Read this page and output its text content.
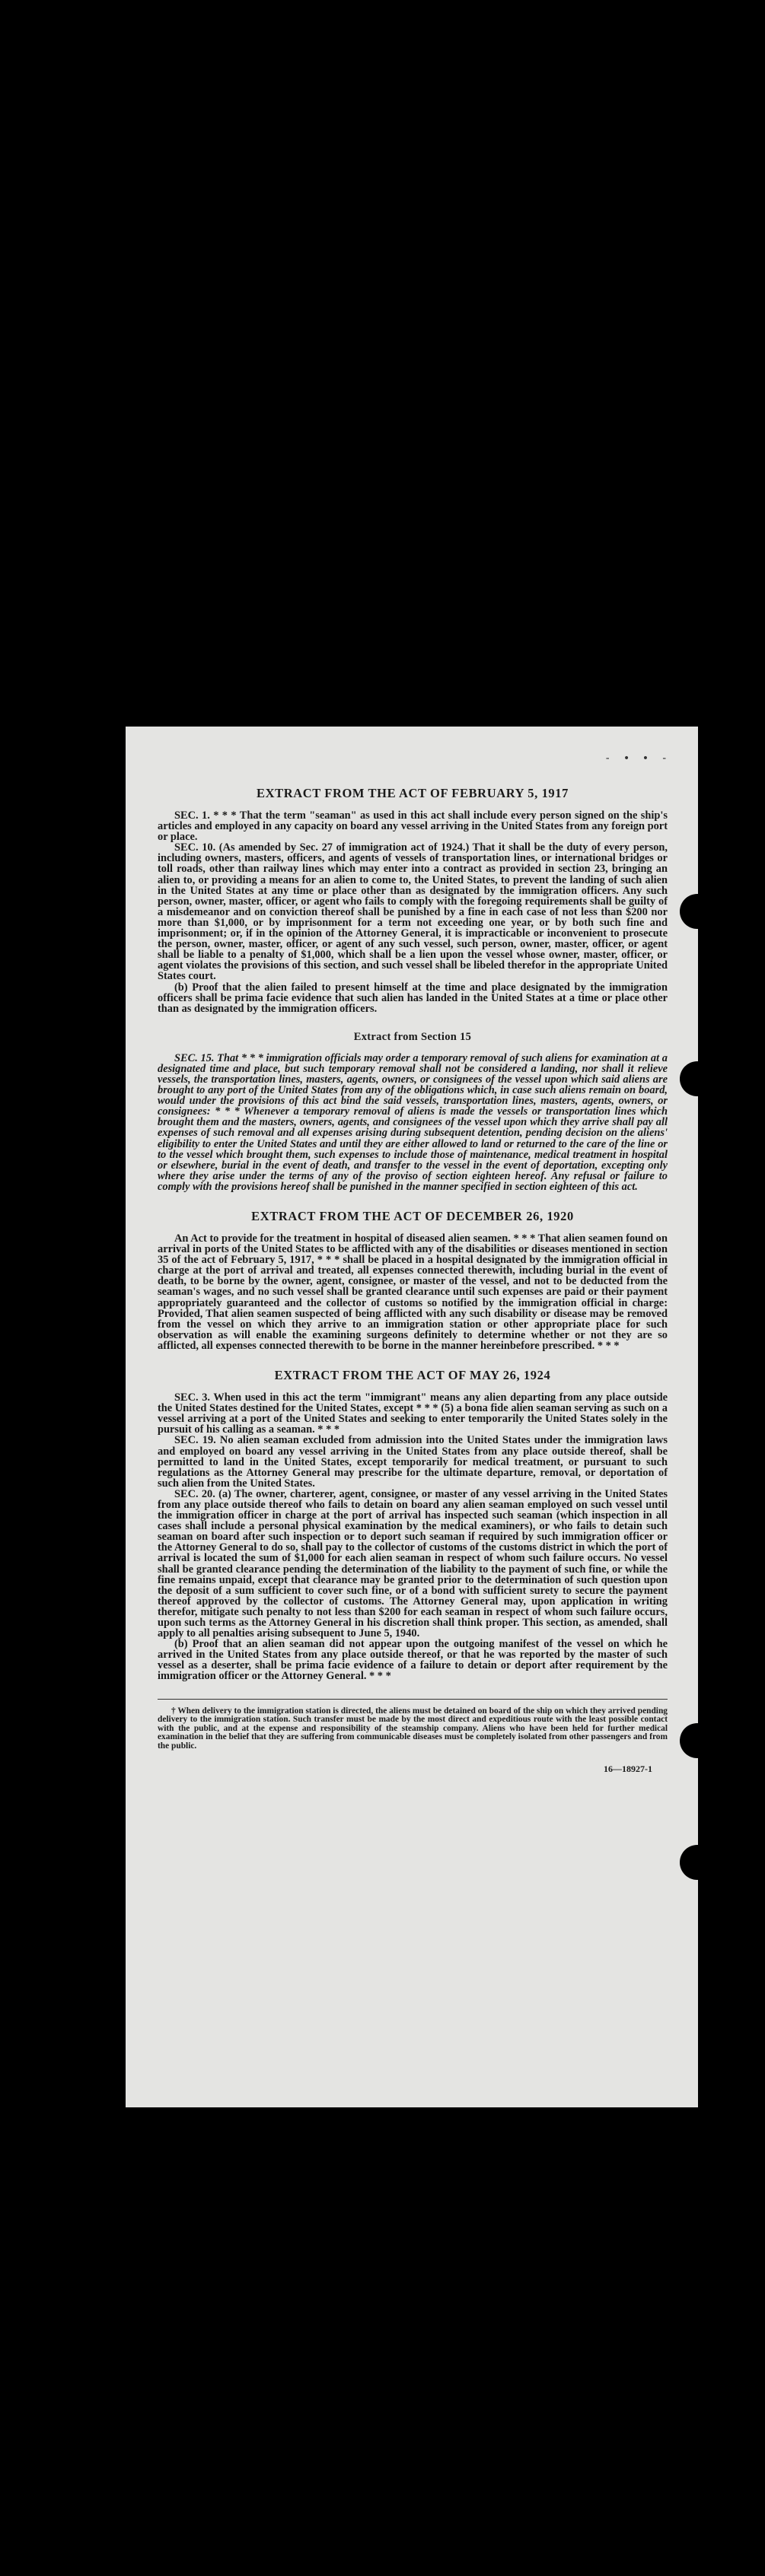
- • • -
EXTRACT FROM THE ACT OF FEBRUARY 5, 1917

SEC. 1. * * * That the term "seaman" as used in this act shall include every person signed on the ship's articles and employed in any capacity on board any vessel arriving in the United States from any foreign port or place.

SEC. 10. (As amended by Sec. 27 of immigration act of 1924.) That it shall be the duty of every person, including owners, masters, officers, and agents of vessels of transportation lines, or international bridges or toll roads, other than railway lines which may enter into a contract as provided in section 23, bringing an alien to, or providing a means for an alien to come to, the United States, to prevent the landing of such alien in the United States at any time or place other than as designated by the immigration officers. Any such person, owner, master, officer, or agent who fails to comply with the foregoing requirements shall be guilty of a misdemeanor and on conviction thereof shall be punished by a fine in each case of not less than $200 nor more than $1,000, or by imprisonment for a term not exceeding one year, or by both such fine and imprisonment; or, if in the opinion of the Attorney General, it is impracticable or inconvenient to prosecute the person, owner, master, officer, or agent of any such vessel, such person, owner, master, officer, or agent shall be liable to a penalty of $1,000, which shall be a lien upon the vessel whose owner, master, officer, or agent violates the provisions of this section, and such vessel shall be libeled therefor in the appropriate United States court.

(b) Proof that the alien failed to present himself at the time and place designated by the immigration officers shall be prima facie evidence that such alien has landed in the United States at a time or place other than as designated by the immigration officers.

Extract from Section 15

SEC. 15. That * * * immigration officials may order a temporary removal of such aliens for examination at a designated time and place, but such temporary removal shall not be considered a landing, nor shall it relieve vessels, the transportation lines, masters, agents, owners, or consignees of the vessel upon which said aliens are brought to any port of the United States from any of the obligations which, in case such aliens remain on board, would under the provisions of this act bind the said vessels, transportation lines, masters, agents, owners, or consignees: * * * Whenever a temporary removal of aliens is made the vessels or transportation lines which brought them and the masters, owners, agents, and consignees of the vessel upon which they arrive shall pay all expenses of such removal and all expenses arising during subsequent detention, pending decision on the aliens' eligibility to enter the United States and until they are either allowed to land or returned to the care of the line or to the vessel which brought them, such expenses to include those of maintenance, medical treatment in hospital or elsewhere, burial in the event of death, and transfer to the vessel in the event of deportation, excepting only where they arise under the terms of any of the proviso of section eighteen hereof. Any refusal or failure to comply with the provisions hereof shall be punished in the manner specified in section eighteen of this act.

EXTRACT FROM THE ACT OF DECEMBER 26, 1920

An Act to provide for the treatment in hospital of diseased alien seamen. * * * That alien seamen found on arrival in ports of the United States to be afflicted with any of the disabilities or diseases mentioned in section 35 of the act of February 5, 1917, * * * shall be placed in a hospital designated by the immigration official in charge at the port of arrival and treated, all expenses connected therewith, including burial in the event of death, to be borne by the owner, agent, consignee, or master of the vessel, and not to be deducted from the seaman's wages, and no such vessel shall be granted clearance until such expenses are paid or their payment appropriately guaranteed and the collector of customs so notified by the immigration official in charge: Provided, That alien seamen suspected of being afflicted with any such disability or disease may be removed from the vessel on which they arrive to an immigration station or other appropriate place for such observation as will enable the examining surgeons definitely to determine whether or not they are so afflicted, all expenses connected therewith to be borne in the manner hereinbefore prescribed. * * *

EXTRACT FROM THE ACT OF MAY 26, 1924

SEC. 3. When used in this act the term "immigrant" means any alien departing from any place outside the United States destined for the United States, except * * * (5) a bona fide alien seaman serving as such on a vessel arriving at a port of the United States and seeking to enter temporarily the United States solely in the pursuit of his calling as a seaman. * * *

SEC. 19. No alien seaman excluded from admission into the United States under the immigration laws and employed on board any vessel arriving in the United States from any place outside thereof, shall be permitted to land in the United States, except temporarily for medical treatment, or pursuant to such regulations as the Attorney General may prescribe for the ultimate departure, removal, or deportation of such alien from the United States.

SEC. 20. (a) The owner, charterer, agent, consignee, or master of any vessel arriving in the United States from any place outside thereof who fails to detain on board any alien seaman employed on such vessel until the immigration officer in charge at the port of arrival has inspected such seaman (which inspection in all cases shall include a personal physical examination by the medical examiners), or who fails to detain such seaman on board after such inspection or to deport such seaman if required by such immigration officer or the Attorney General to do so, shall pay to the collector of customs of the customs district in which the port of arrival is located the sum of $1,000 for each alien seaman in respect of whom such failure occurs. No vessel shall be granted clearance pending the determination of the liability to the payment of such fine, or while the fine remains unpaid, except that clearance may be granted prior to the determination of such question upon the deposit of a sum sufficient to cover such fine, or of a bond with sufficient surety to secure the payment thereof approved by the collector of customs. The Attorney General may, upon application in writing therefor, mitigate such penalty to not less than $200 for each seaman in respect of whom such failure occurs, upon such terms as the Attorney General in his discretion shall think proper. This section, as amended, shall apply to all penalties arising subsequent to June 5, 1940.

(b) Proof that an alien seaman did not appear upon the outgoing manifest of the vessel on which he arrived in the United States from any place outside thereof, or that he was reported by the master of such vessel as a deserter, shall be prima facie evidence of a failure to detain or deport after requirement by the immigration officer or the Attorney General. * * *

† When delivery to the immigration station is directed, the aliens must be detained on board of the ship on which they arrived pending delivery to the immigration station. Such transfer must be made by the most direct and expeditious route with the least possible contact with the public, and at the expense and responsibility of the steamship company. Aliens who have been held for further medical examination in the belief that they are suffering from communicable diseases must be completely isolated from other passengers and from the public.

16—18927-1
